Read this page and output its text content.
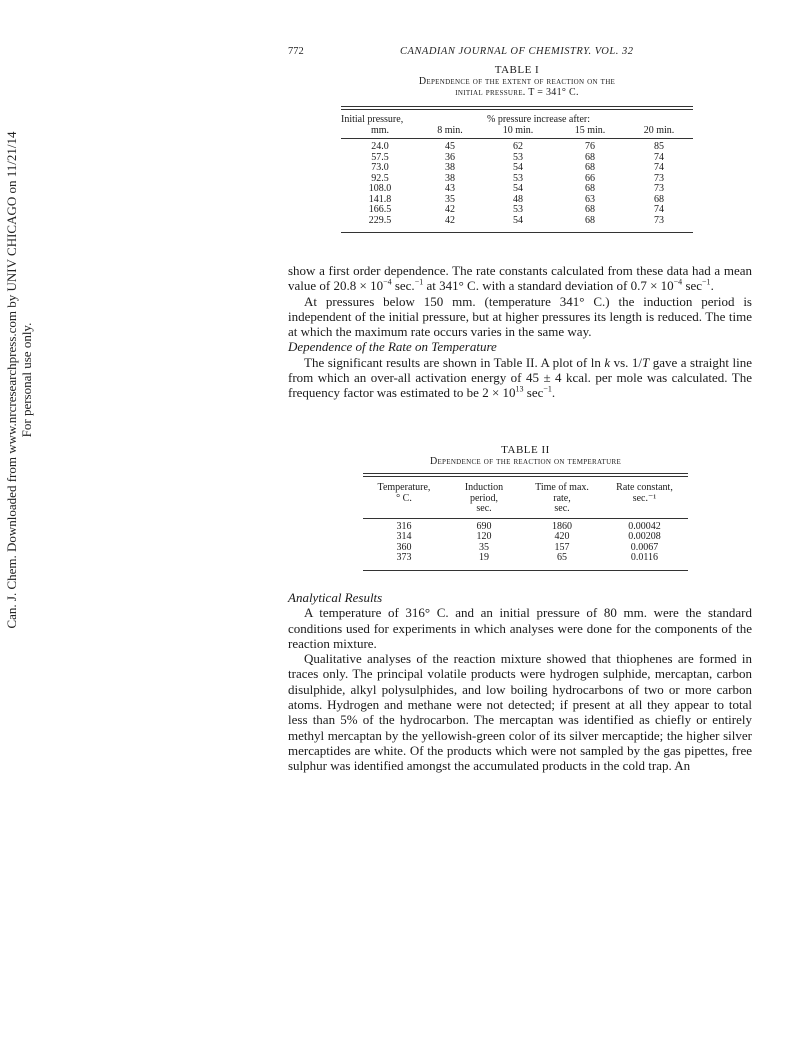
Can. J. Chem. Downloaded from www.nrcresearchpress.com by UNIV CHICAGO on 11/21/14 For personal use only.
772	CANADIAN JOURNAL OF CHEMISTRY. VOL. 32
TABLE I
Dependence of the extent of reaction on the
initial pressure. T = 341° C.
Initial pressure,		% pressure increase after:		
mm.	8 min.	10 min.	15 min.	20 min.
24.0	45	62	76	85
57.5	36	53	68	74
73.0	38	54	68	74
92.5	38	53	66	73
108.0	43	54	68	73
141.8	35	48	63	68
166.5	42	53	68	74
229.5	42	54	68	73

show a first order dependence. The rate constants calculated from these data had a mean value of $20.8 \times 10^{-4}$ sec.$^{-1}$ at 341° C. with a standard deviation of $0.7 \times 10^{-4}$ $\sec^{-1}$.

At pressures below 150 mm. (temperature 341° C.) the induction period is independent of the initial pressure, but at higher pressures its length is reduced. The time at which the maximum rate occurs varies in the same way.

Dependence of the Rate on Temperature

The significant results are shown in Table II. A plot of ln k vs. 1/T gave a straight line from which an over-all activation energy of 45 ± 4 kcal. per mole was calculated. The frequency factor was estimated to be $2 \times 10^{13}$ $\sec^{-1}$.

TABLE II
Dependence of the reaction on temperature
Temperature,	Induction	Time of max.	Rate constant,
° C.	period,	rate,	sec.⁻¹
	sec.	sec.	
316	690	1860	0.00042
314	120	420	0.00208
360	35	157	0.0067
373	19	65	0.0116

Analytical Results

A temperature of 316° C. and an initial pressure of 80 mm. were the standard conditions used for experiments in which analyses were done for the components of the reaction mixture.

Qualitative analyses of the reaction mixture showed that thiophenes are formed in traces only. The principal volatile products were hydrogen sulphide, mercaptan, carbon disulphide, alkyl polysulphides, and low boiling hydrocarbons of two or more carbon atoms. Hydrogen and methane were not detected; if present at all they appear to total less than 5% of the hydrocarbon. The mercaptan was identified as chiefly or entirely methyl mercaptan by the yellowish-green color of its silver mercaptide; the higher silver mercaptides are white. Of the products which were not sampled by the gas pipettes, free sulphur was identified amongst the accumulated products in the cold trap. An
